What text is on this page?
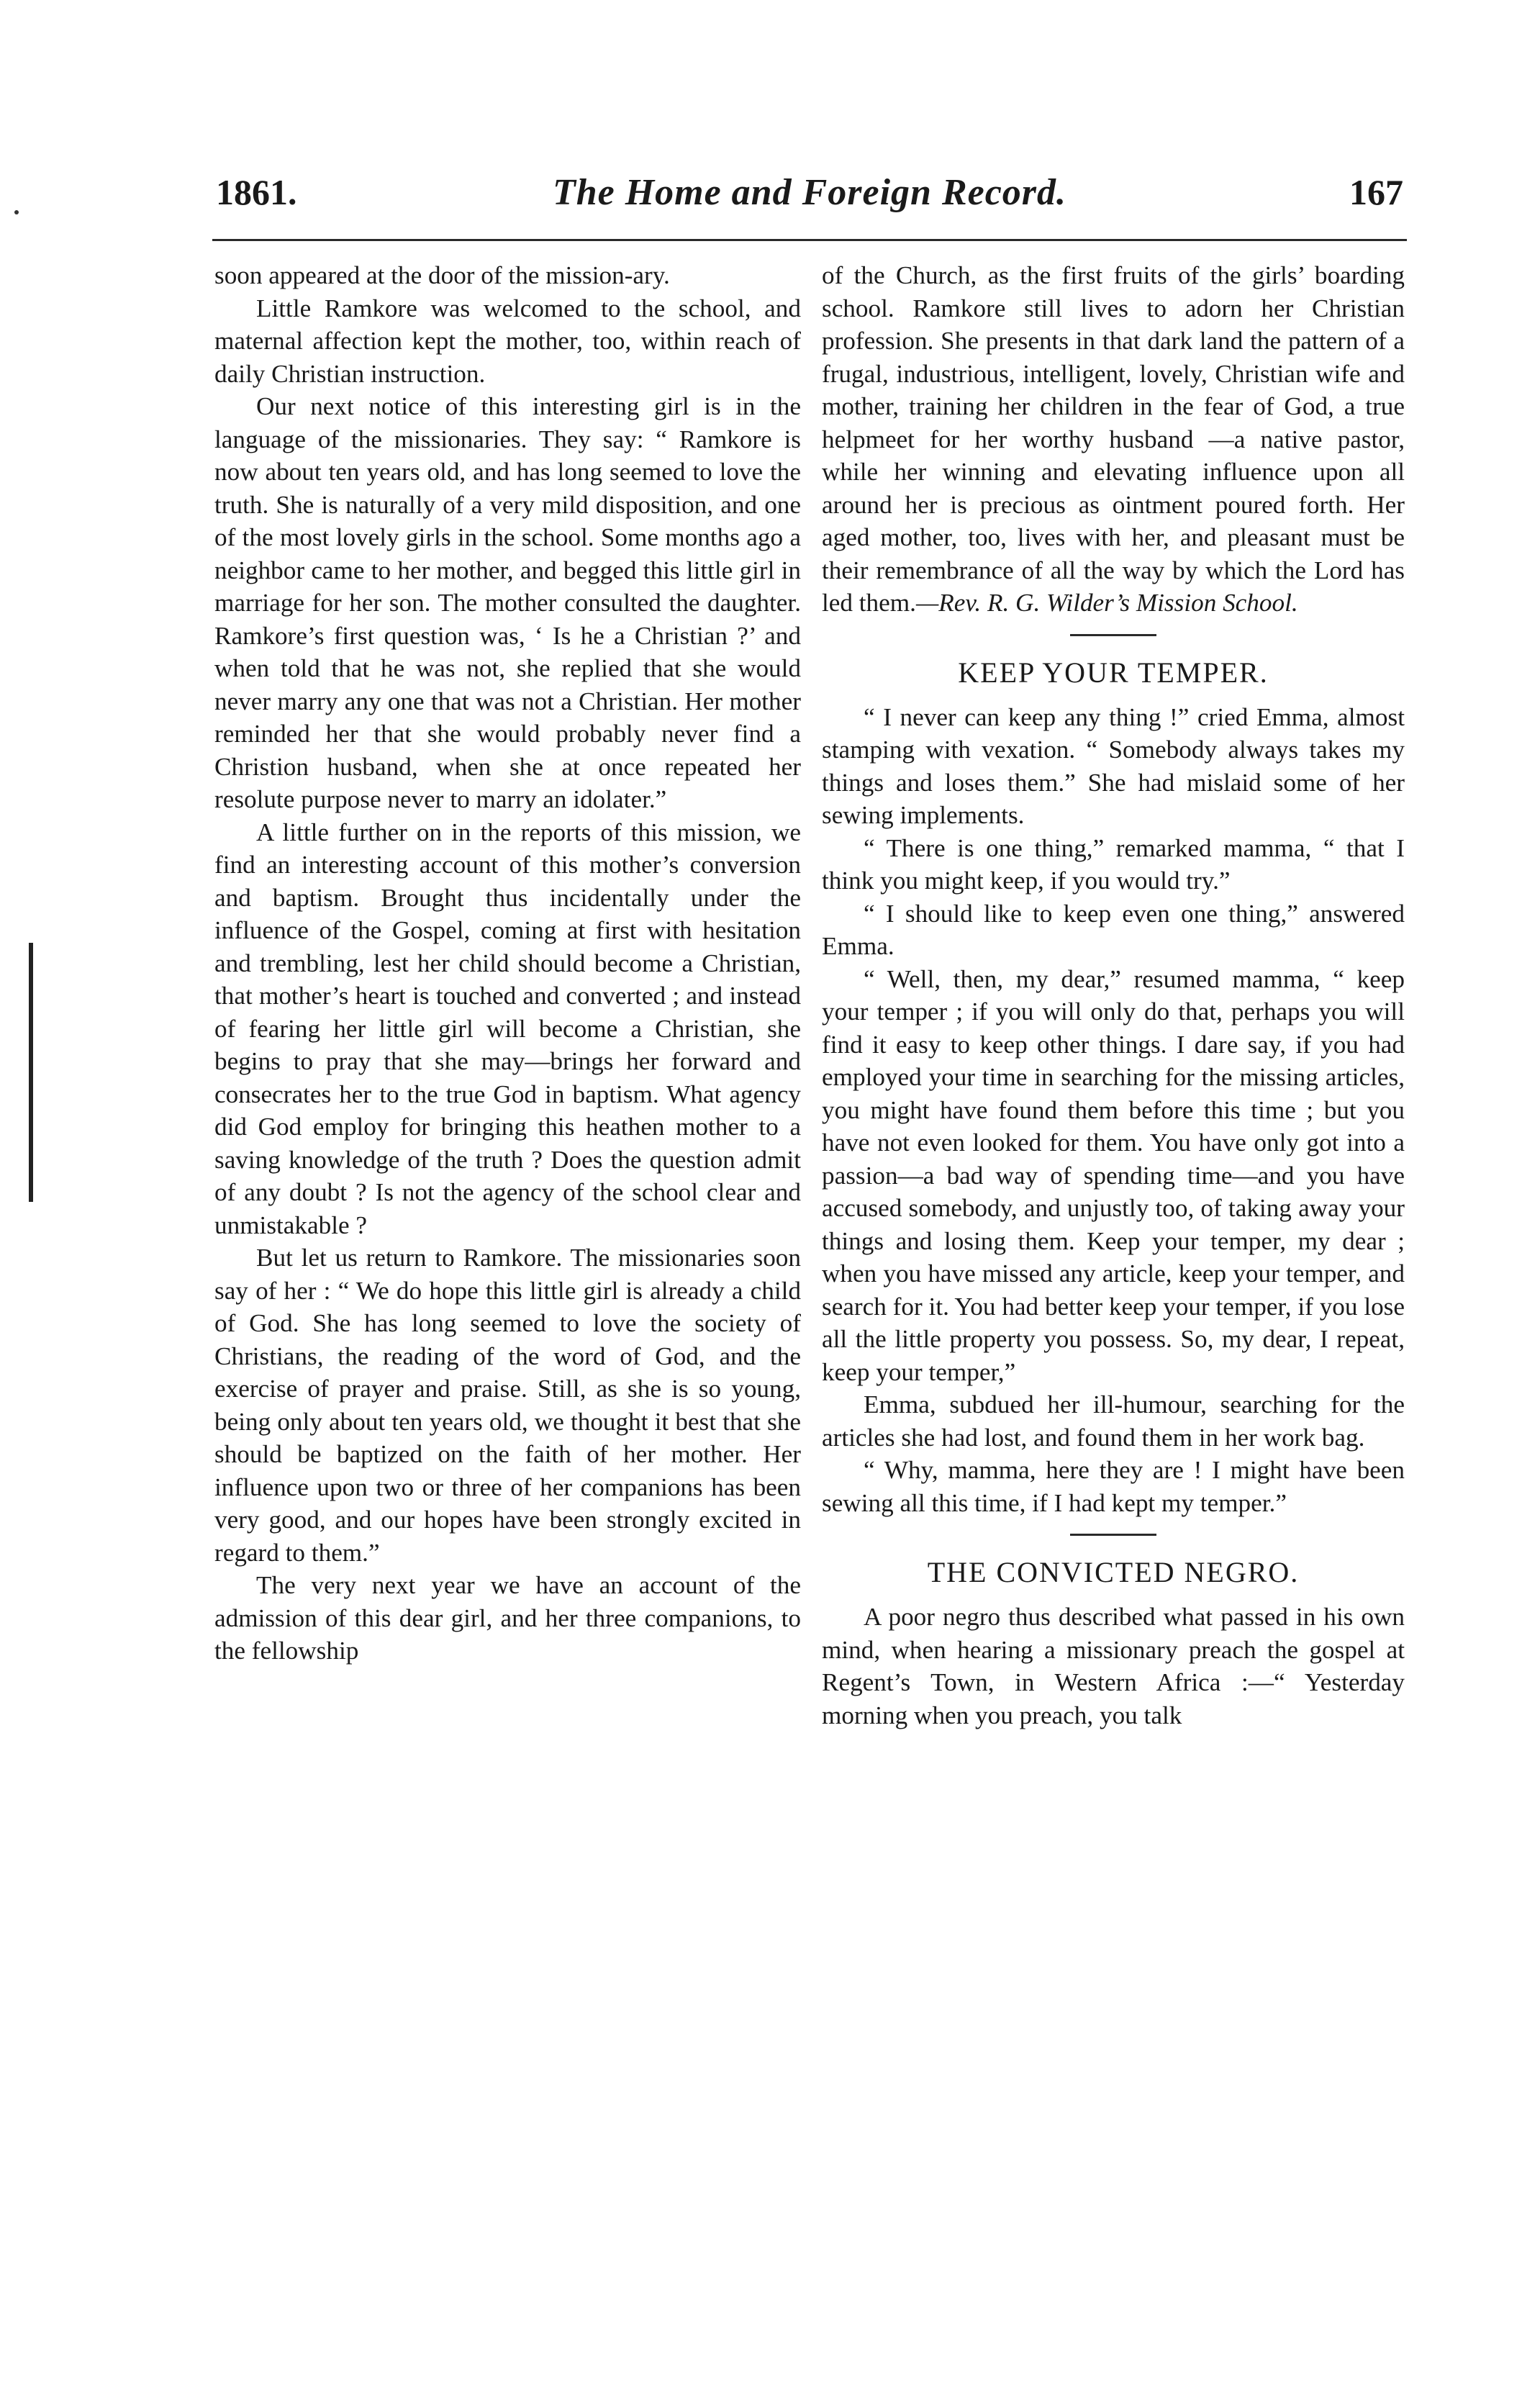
1861.	The Home and Foreign Record.	167

soon appeared at the door of the mission-ary.

Little Ramkore was welcomed to the school, and maternal affection kept the mother, too, within reach of daily Christian instruction.

Our next notice of this interesting girl is in the language of the missionaries. They say: “ Ramkore is now about ten years old, and has long seemed to love the truth. She is naturally of a very mild disposition, and one of the most lovely girls in the school. Some months ago a neighbor came to her mother, and begged this little girl in marriage for her son. The mother consulted the daughter. Ramkore’s first question was, ‘ Is he a Christian ?’ and when told that he was not, she replied that she would never marry any one that was not a Christian. Her mother reminded her that she would probably never find a Christion husband, when she at once repeated her resolute purpose never to marry an idolater.”

A little further on in the reports of this mission, we find an interesting account of this mother’s conversion and baptism. Brought thus incidentally under the influence of the Gospel, coming at first with hesitation and trembling, lest her child should become a Christian, that mother’s heart is touched and converted ; and instead of fearing her little girl will become a Christian, she begins to pray that she may—brings her forward and consecrates her to the true God in baptism. What agency did God employ for bringing this heathen mother to a saving knowledge of the truth ? Does the question admit of any doubt ? Is not the agency of the school clear and unmistakable ?

But let us return to Ramkore. The missionaries soon say of her : “ We do hope this little girl is already a child of God. She has long seemed to love the society of Christians, the reading of the word of God, and the exercise of prayer and praise. Still, as she is so young, being only about ten years old, we thought it best that she should be baptized on the faith of her mother. Her influence upon two or three of her companions has been very good, and our hopes have been strongly excited in regard to them.”

The very next year we have an account of the admission of this dear girl, and her three companions, to the fellowship

of the Church, as the first fruits of the girls’ boarding school. Ramkore still lives to adorn her Christian profession. She presents in that dark land the pattern of a frugal, industrious, intelligent, lovely, Christian wife and mother, training her children in the fear of God, a true helpmeet for her worthy husband —a native pastor, while her winning and elevating influence upon all around her is precious as ointment poured forth. Her aged mother, too, lives with her, and pleasant must be their remembrance of all the way by which the Lord has led them.—Rev. R. G. Wilder’s Mission School.

KEEP YOUR TEMPER.

“ I never can keep any thing !” cried Emma, almost stamping with vexation. “ Somebody always takes my things and loses them.” She had mislaid some of her sewing implements.

“ There is one thing,” remarked mamma, “ that I think you might keep, if you would try.”

“ I should like to keep even one thing,” answered Emma.

“ Well, then, my dear,” resumed mamma, “ keep your temper ; if you will only do that, perhaps you will find it easy to keep other things. I dare say, if you had employed your time in searching for the missing articles, you might have found them before this time ; but you have not even looked for them. You have only got into a passion—a bad way of spending time—and you have accused somebody, and unjustly too, of taking away your things and losing them. Keep your temper, my dear ; when you have missed any article, keep your temper, and search for it. You had better keep your temper, if you lose all the little property you possess. So, my dear, I repeat, keep your temper,”

Emma, subdued her ill-humour, searching for the articles she had lost, and found them in her work bag.

“ Why, mamma, here they are ! I might have been sewing all this time, if I had kept my temper.”

THE CONVICTED NEGRO.

A poor negro thus described what passed in his own mind, when hearing a missionary preach the gospel at Regent’s Town, in Western Africa :—“ Yesterday morning when you preach, you talk
